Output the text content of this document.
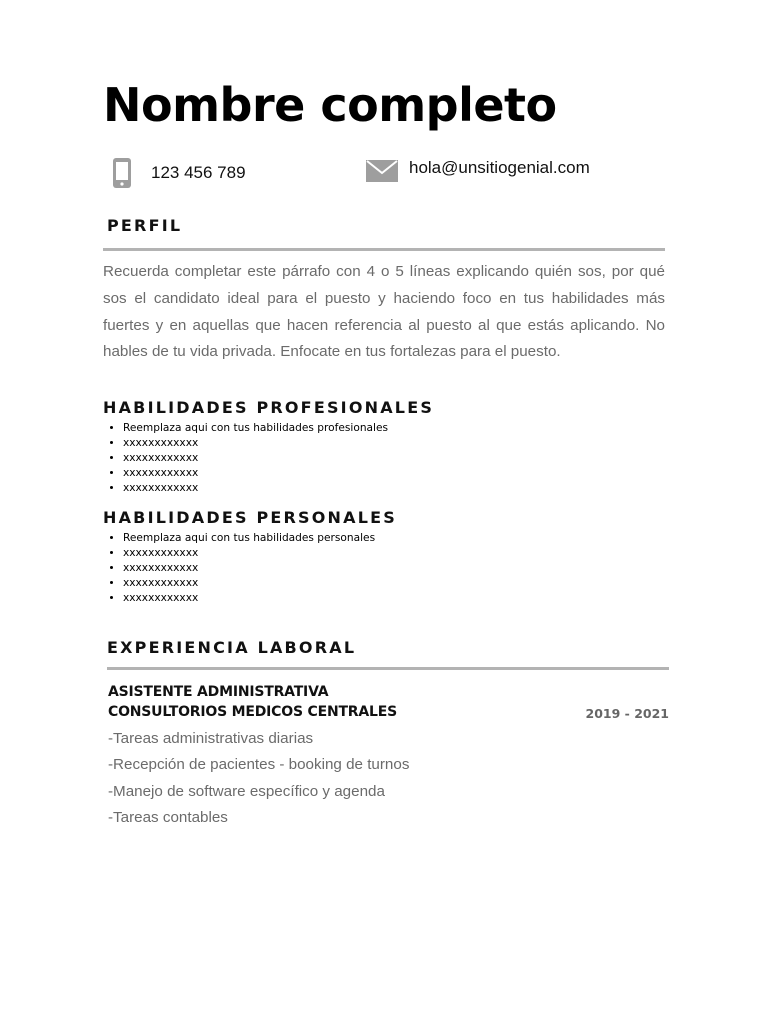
Nombre completo
123 456 789	hola@unsitiogenial.com
PERFIL

Recuerda completar este párrafo con 4 o 5 líneas explicando quién sos, por qué sos el candidato ideal para el puesto y haciendo foco en tus habilidades más fuertes y en aquellas que hacen referencia al puesto al que estás aplicando. No hables de tu vida privada. Enfocate en tus fortalezas para el puesto.

HABILIDADES PROFESIONALES
• Reemplaza aqui con tus habilidades profesionales
• xxxxxxxxxxxx
• xxxxxxxxxxxx
• xxxxxxxxxxxx
• xxxxxxxxxxxx
HABILIDADES PERSONALES
• Reemplaza aqui con tus habilidades personales
• xxxxxxxxxxxx
• xxxxxxxxxxxx
• xxxxxxxxxxxx
• xxxxxxxxxxxx
EXPERIENCIA LABORAL
ASISTENTE ADMINISTRATIVA
CONSULTORIOS MEDICOS CENTRALES	2019 - 2021
-Tareas administrativas diarias
-Recepción de pacientes - booking de turnos
-Manejo de software específico y agenda
-Tareas contables
